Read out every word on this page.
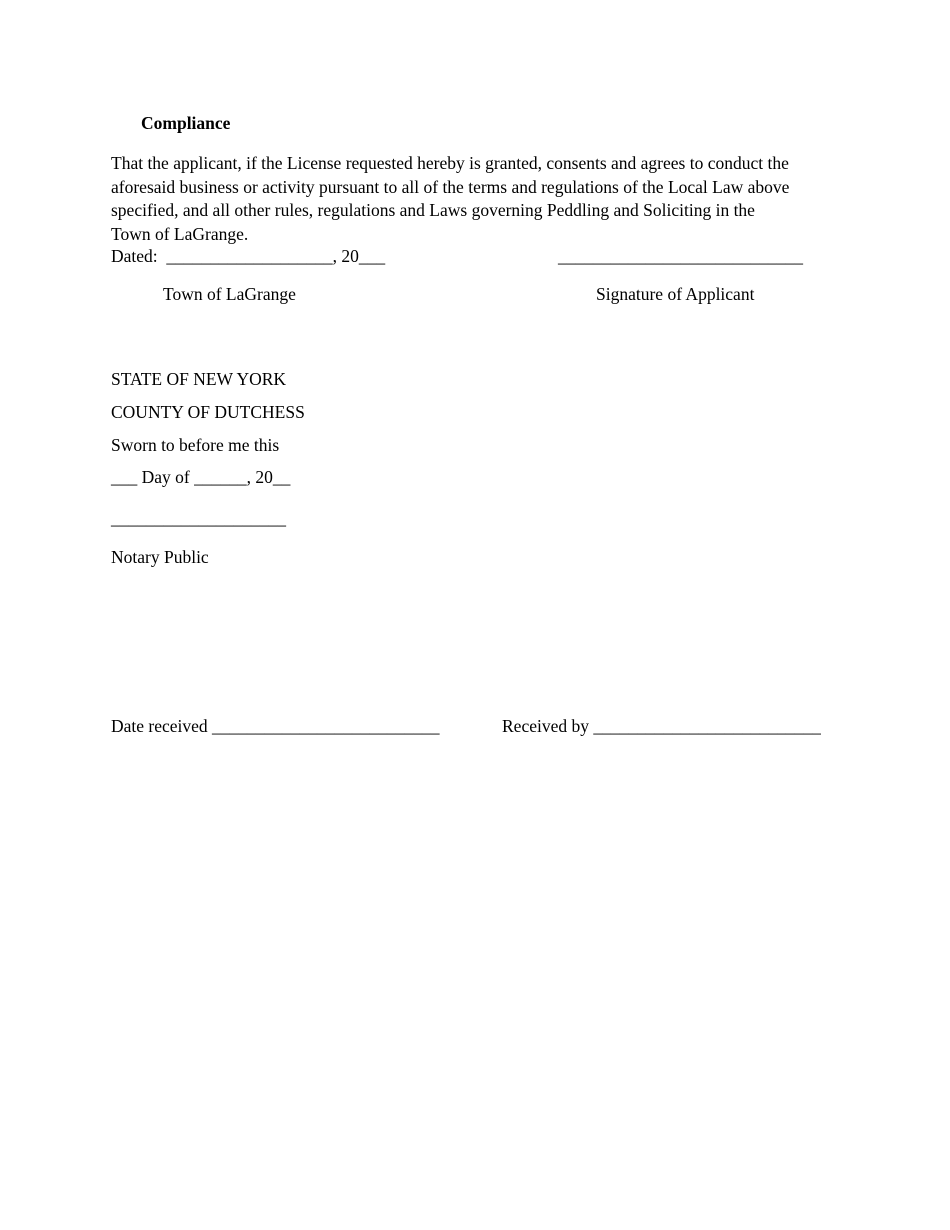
Compliance
That the applicant, if the License requested hereby is granted, consents and agrees to conduct the
aforesaid business or activity pursuant to all of the terms and regulations of the Local Law above
specified, and all other rules, regulations and Laws governing Peddling and Soliciting in the
Town of LaGrange.
Dated:  ___________________, 20___	____________________________
Town of LaGrange	Signature of Applicant
STATE OF NEW YORK
COUNTY OF DUTCHESS
Sworn to before me this
___ Day of ______, 20__
____________________
Notary Public
Date received __________________________	Received by __________________________
